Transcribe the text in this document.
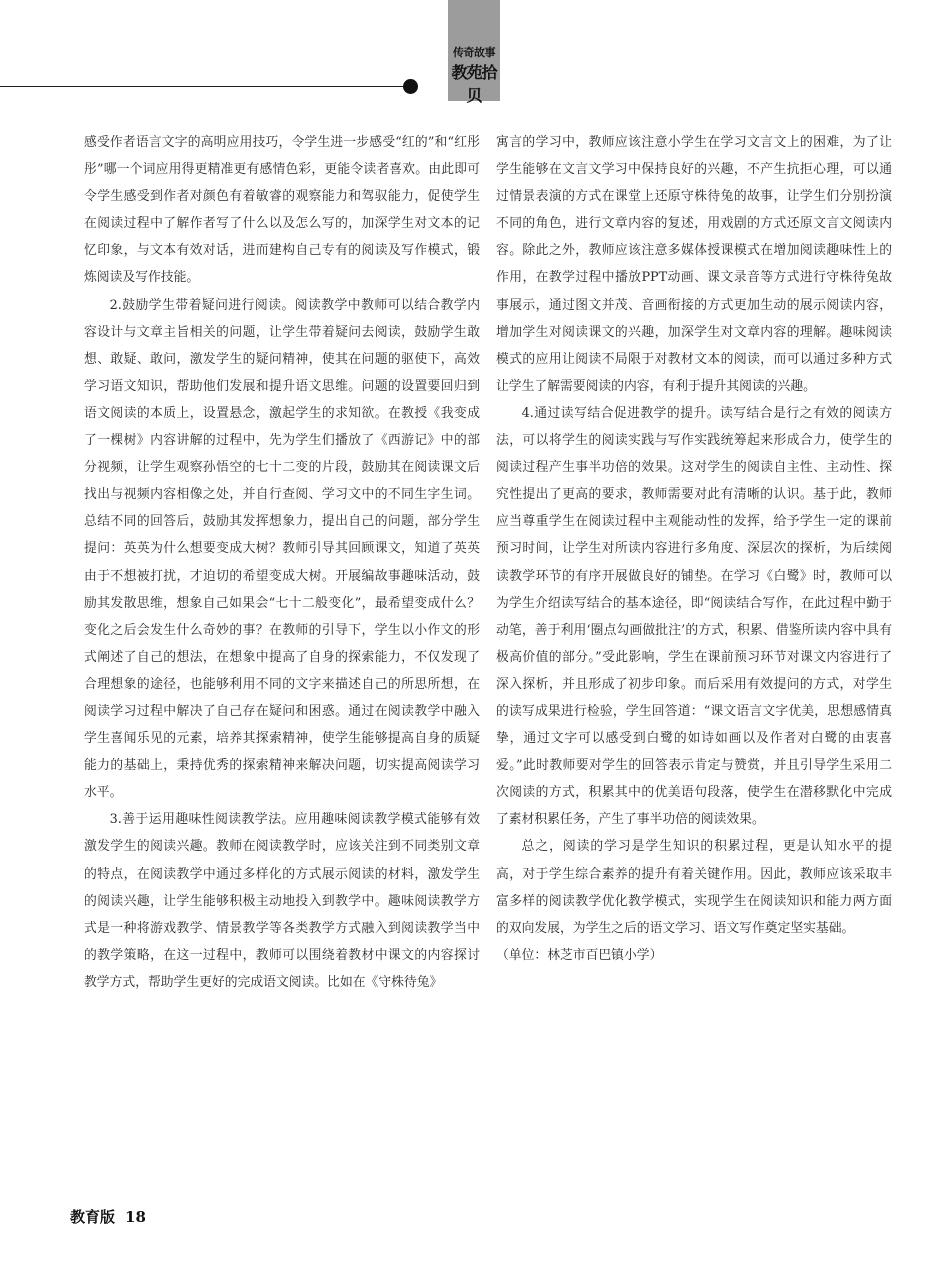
传奇故事
教苑拾贝

感受作者语言文字的高明应用技巧，令学生进一步感受“红的”和“红彤彤”哪一个词应用得更精准更有感情色彩，更能令读者喜欢。由此即可令学生感受到作者对颜色有着敏睿的观察能力和驾驭能力，促使学生在阅读过程中了解作者写了什么以及怎么写的，加深学生对文本的记忆印象，与文本有效对话，进而建构自己专有的阅读及写作模式，锻炼阅读及写作技能。

2.鼓励学生带着疑问进行阅读。阅读教学中教师可以结合教学内容设计与文章主旨相关的问题，让学生带着疑问去阅读，鼓励学生敢想、敢疑、敢问，激发学生的疑问精神，使其在问题的驱使下，高效学习语文知识，帮助他们发展和提升语文思维。问题的设置要回归到语文阅读的本质上，设置悬念，激起学生的求知欲。在教授《我变成了一棵树》内容讲解的过程中，先为学生们播放了《西游记》中的部分视频，让学生观察孙悟空的七十二变的片段，鼓励其在阅读课文后找出与视频内容相像之处，并自行查阅、学习文中的不同生字生词。总结不同的回答后，鼓励其发挥想象力，提出自己的问题，部分学生提问：英英为什么想要变成大树？教师引导其回顾课文，知道了英英由于不想被打扰，才迫切的希望变成大树。开展编故事趣味活动，鼓励其发散思维，想象自己如果会“七十二般变化”，最希望变成什么？变化之后会发生什么奇妙的事？在教师的引导下，学生以小作文的形式阐述了自己的想法，在想象中提高了自身的探索能力，不仅发现了合理想象的途径，也能够利用不同的文字来描述自己的所思所想，在阅读学习过程中解决了自己存在疑问和困惑。通过在阅读教学中融入学生喜闻乐见的元素，培养其探索精神，使学生能够提高自身的质疑能力的基础上，秉持优秀的探索精神来解决问题，切实提高阅读学习水平。

3.善于运用趣味性阅读教学法。应用趣味阅读教学模式能够有效激发学生的阅读兴趣。教师在阅读教学时，应该关注到不同类别文章的特点，在阅读教学中通过多样化的方式展示阅读的材料，激发学生的阅读兴趣，让学生能够积极主动地投入到教学中。趣味阅读教学方式是一种将游戏教学、情景教学等各类教学方式融入到阅读教学当中的教学策略，在这一过程中，教师可以围绕着教材中课文的内容探讨教学方式，帮助学生更好的完成语文阅读。比如在《守株待兔》

寓言的学习中，教师应该注意小学生在学习文言文上的困难，为了让学生能够在文言文学习中保持良好的兴趣，不产生抗拒心理，可以通过情景表演的方式在课堂上还原守株待兔的故事，让学生们分别扮演不同的角色，进行文章内容的复述，用戏剧的方式还原文言文阅读内容。除此之外，教师应该注意多媒体授课模式在增加阅读趣味性上的作用，在教学过程中播放PPT动画、课文录音等方式进行守株待兔故事展示，通过图文并茂、音画衔接的方式更加生动的展示阅读内容，增加学生对阅读课文的兴趣，加深学生对文章内容的理解。趣味阅读模式的应用让阅读不局限于对教材文本的阅读，而可以通过多种方式让学生了解需要阅读的内容，有利于提升其阅读的兴趣。

4.通过读写结合促进教学的提升。读写结合是行之有效的阅读方法，可以将学生的阅读实践与写作实践统筹起来形成合力，使学生的阅读过程产生事半功倍的效果。这对学生的阅读自主性、主动性、探究性提出了更高的要求，教师需要对此有清晰的认识。基于此，教师应当尊重学生在阅读过程中主观能动性的发挥，给予学生一定的课前预习时间，让学生对所读内容进行多角度、深层次的探析，为后续阅读教学环节的有序开展做良好的铺垫。在学习《白鹭》时，教师可以为学生介绍读写结合的基本途径，即“阅读结合写作，在此过程中勤于动笔，善于利用‘圈点勾画做批注’的方式，积累、借鉴所读内容中具有极高价值的部分。”受此影响，学生在课前预习环节对课文内容进行了深入探析，并且形成了初步印象。而后采用有效提问的方式，对学生的读写成果进行检验，学生回答道：“课文语言文字优美，思想感情真挚，通过文字可以感受到白鹭的如诗如画以及作者对白鹭的由衷喜爱。”此时教师要对学生的回答表示肯定与赞赏，并且引导学生采用二次阅读的方式，积累其中的优美语句段落，使学生在潜移默化中完成了素材积累任务，产生了事半功倍的阅读效果。

总之，阅读的学习是学生知识的积累过程，更是认知水平的提高，对于学生综合素养的提升有着关键作用。因此，教师应该采取丰富多样的阅读教学优化教学模式，实现学生在阅读知识和能力两方面的双向发展，为学生之后的语文学习、语文写作奠定坚实基础。

（单位：林芝市百巴镇小学）

教育版 18
